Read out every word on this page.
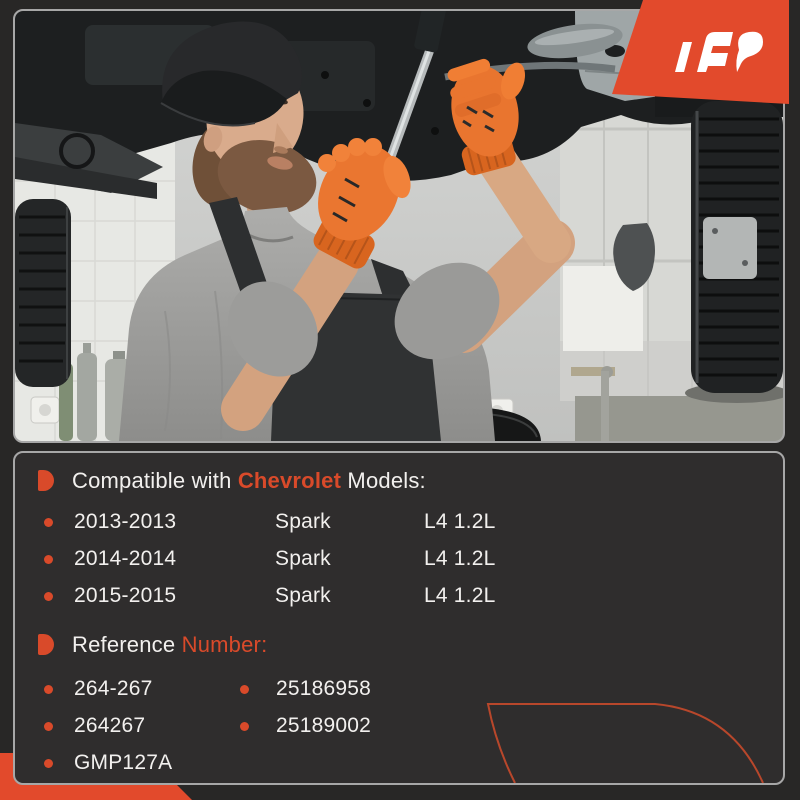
Compatible with Chevrolet Models:
2013-2013	Spark	L4 1.2L
2014-2014	Spark	L4 1.2L
2015-2015	Spark	L4 1.2L
Reference Number:
264-267	25186958
264267	25189002
GMP127A
